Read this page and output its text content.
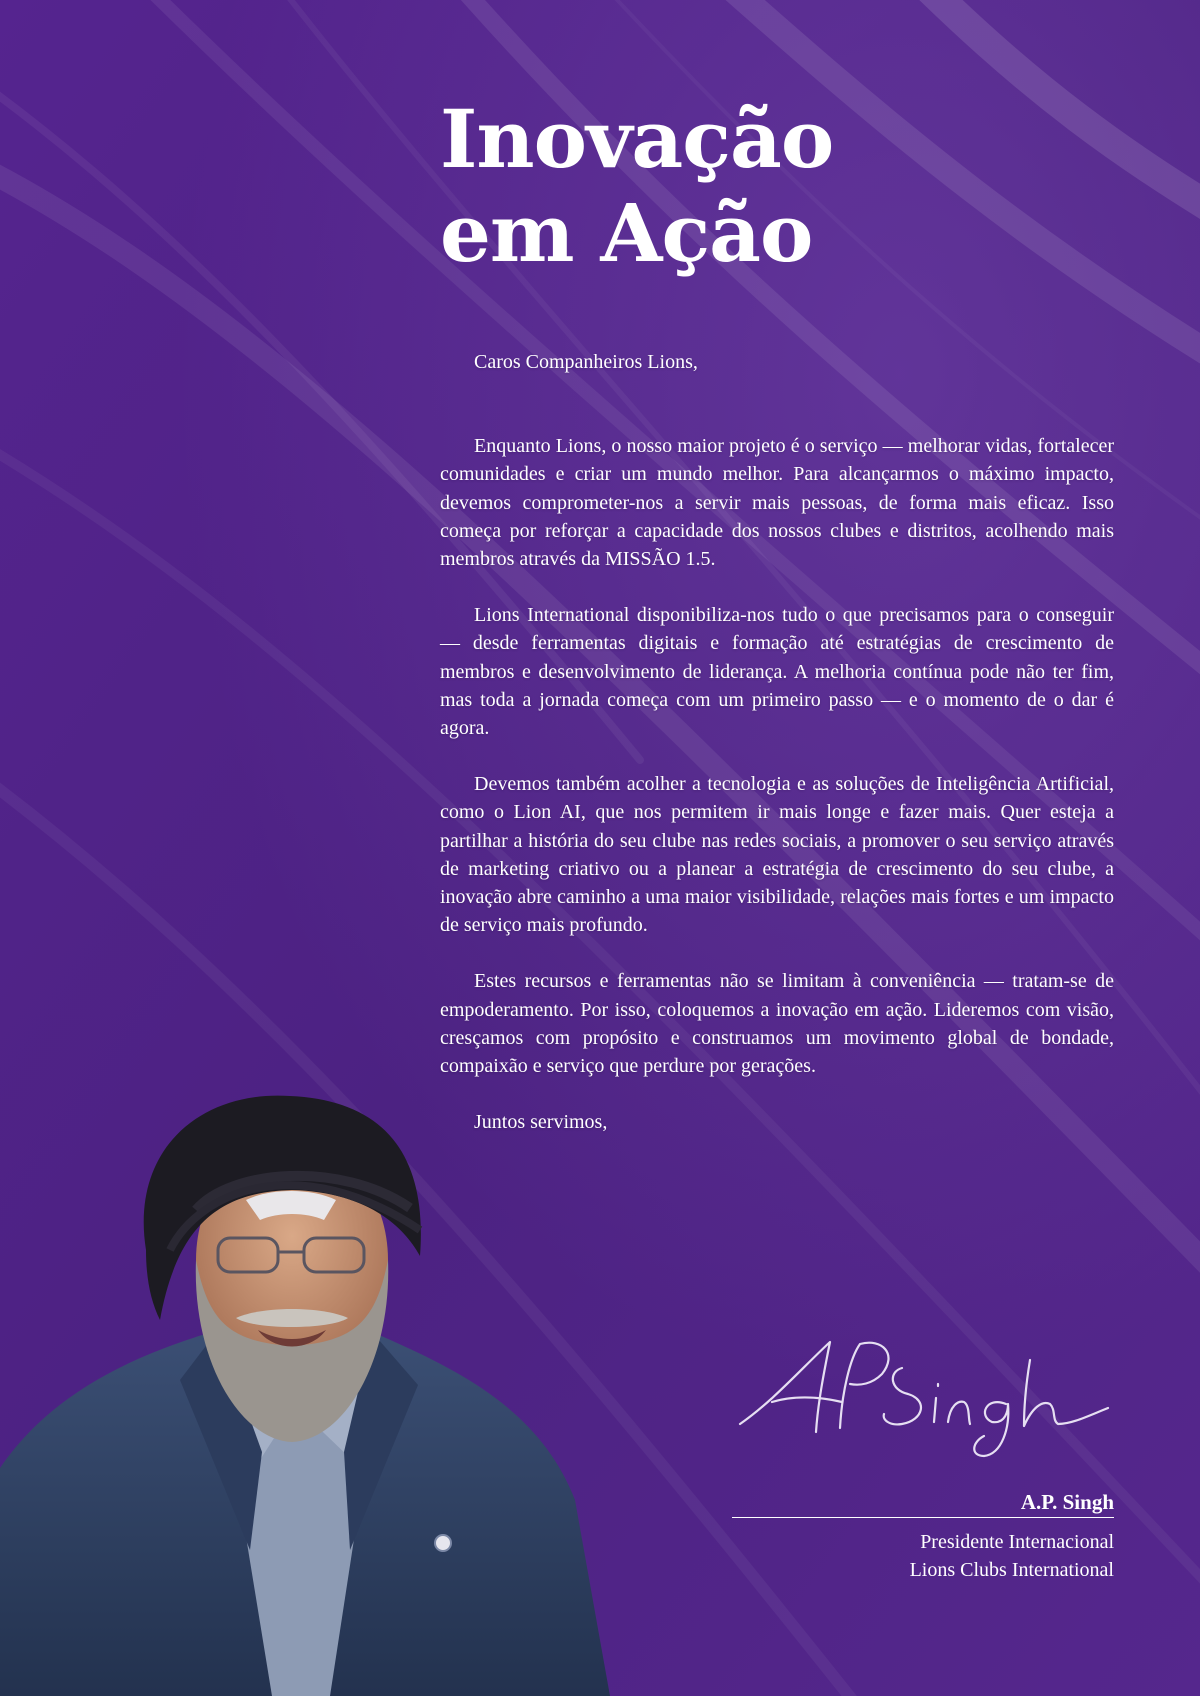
Inovação
em Ação

Caros Companheiros Lions,

Enquanto Lions, o nosso maior projeto é o serviço — melhorar vidas, fortalecer comunidades e criar um mundo melhor. Para alcançarmos o máximo impacto, devemos comprometer-nos a servir mais pessoas, de forma mais eficaz. Isso começa por reforçar a capacidade dos nossos clubes e distritos, acolhendo mais membros através da MISSÃO 1.5.

Lions International disponibiliza-nos tudo o que precisamos para o conseguir — desde ferramentas digitais e formação até estratégias de crescimento de membros e desenvolvimento de liderança. A melhoria contínua pode não ter fim, mas toda a jornada começa com um primeiro passo — e o momento de o dar é agora.

Devemos também acolher a tecnologia e as soluções de Inteligência Artificial, como o Lion AI, que nos permitem ir mais longe e fazer mais. Quer esteja a partilhar a história do seu clube nas redes sociais, a promover o seu serviço através de marketing criativo ou a planear a estratégia de crescimento do seu clube, a inovação abre caminho a uma maior visibilidade, relações mais fortes e um impacto de serviço mais profundo.

Estes recursos e ferramentas não se limitam à conveniência — tratam-se de empoderamento. Por isso, coloquemos a inovação em ação. Lideremos com visão, cresçamos com propósito e construamos um movimento global de bondade, compaixão e serviço que perdure por gerações.

Juntos servimos,

A.P. Singh
Presidente Internacional
Lions Clubs International
